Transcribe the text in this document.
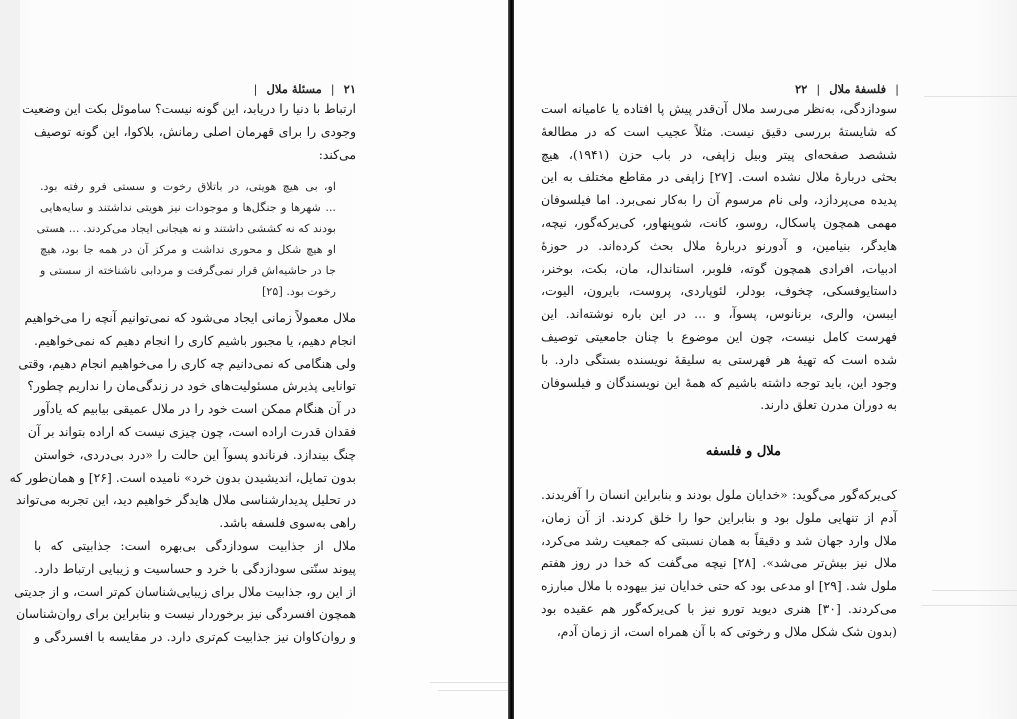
۲۱|مسئلهٔ ملال|
ارتباط با دنیا را دریابد، این گونه نیست؟ ساموئل بکت این وضعیت
وجودی را برای قهرمان اصلی رمانش، بلاکوا، این گونه توصیف
می‌کند:
او، بی هیچ هویتی، در باتلاق رخوت و سستی فرو رفته بود.
... شهرها و جنگل‌ها و موجودات نیز هویتی نداشتند و سایه‌هایی
بودند که نه کششی داشتند و نه هیجانی ایجاد می‌کردند. ... هستی
او هیچ شکل و محوری نداشت و مرکز آن در همه جا بود، هیچ
جا در حاشیه‌اش قرار نمی‌گرفت و مردابی ناشناخته از سستی و
رخوت بود. [۲۵]
ملال معمولاً زمانی ایجاد می‌شود که نمی‌توانیم آنچه را می‌خواهیم
انجام دهیم، یا مجبور باشیم کاری را انجام دهیم که نمی‌خواهیم.
ولی هنگامی که نمی‌دانیم چه کاری را می‌خواهیم انجام دهیم، وقتی
توانایی پذیرش مسئولیت‌های خود در زندگی‌مان را نداریم چطور؟
در آن هنگام ممکن است خود را در ملال عمیقی بیابیم که یادآور
فقدان قدرت اراده است، چون چیزی نیست که اراده بتواند بر آن
چنگ بیندازد. فرناندو پسوآ این حالت را «درد بی‌دردی، خواستن
بدون تمایل، اندیشیدن بدون خرد» نامیده است. [۲۶] و همان‌طور که
در تحلیل پدیدارشناسی ملال هایدگر خواهیم دید، این تجربه می‌تواند
راهی به‌سوی فلسفه باشد.
ملال از جذابیت سودازدگی بی‌بهره است: جذابیتی که با
پیوند سنّتی سودازدگی با خرد و حساسیت و زیبایی ارتباط دارد.
از این رو، جذابیت ملال برای زیبایی‌شناسان کم‌تر است، و از جدیتی
همچون افسردگی نیز برخوردار نیست و بنابراین برای روان‌شناسان
و روان‌کاوان نیز جذابیت کم‌تری دارد. در مقایسه با افسردگی و
|فلسفهٔ ملال|۲۲
سودازدگی، به‌نظر می‌رسد ملال آن‌قدر پیش پا افتاده یا عامیانه است
که شایستهٔ بررسی دقیق نیست. مثلاً عجیب است که در مطالعهٔ
ششصد صفحه‌ای پیتر وبیل زاپفی، در باب حزن (۱۹۴۱)، هیچ
بحثی دربارهٔ ملال نشده است. [۲۷] زاپفی در مقاطع مختلف به این
پدیده می‌پردازد، ولی نام مرسوم آن را به‌کار نمی‌برد. اما فیلسوفان
مهمی همچون پاسکال، روسو، کانت، شوپنهاور، کی‌یرکه‌گور، نیچه،
هایدگر، بنیامین، و آدورنو دربارهٔ ملال بحث کرده‌اند. در حوزهٔ
ادبیات، افرادی همچون گوته، فلوبر، استاندال، مان، بکت، بوخنر،
داستایوفسکی، چخوف، بودلر، لئوپاردی، پروست، بایرون، الیوت،
ایبسن، والری، برنانوس، پسوآ، و ... در این باره نوشته‌اند. این
فهرست کامل نیست، چون این موضوع با چنان جامعیتی توصیف
شده است که تهیهٔ هر فهرستی به سلیقهٔ نویسنده بستگی دارد. با
وجود این، باید توجه داشته باشیم که همهٔ این نویسندگان و فیلسوفان
به دوران مدرن تعلق دارند.
ملال و فلسفه
کی‌یرکه‌گور می‌گوید: «خدایان ملول بودند و بنابراین انسان را آفریدند.
آدم از تنهایی ملول بود و بنابراین حوا را خلق کردند. از آن زمان،
ملال وارد جهان شد و دقیقاً به همان نسبتی که جمعیت رشد می‌کرد،
ملال نیز بیش‌تر می‌شد». [۲۸] نیچه می‌گفت که خدا در روز هفتم
ملول شد. [۲۹] او مدعی بود که حتی خدایان نیز بیهوده با ملال مبارزه
می‌کردند. [۳۰] هنری دیوید تورو نیز با کی‌یرکه‌گور هم عقیده بود
(بدون شک شکل ملال و رخوتی که با آن همراه است، از زمان آدم،
